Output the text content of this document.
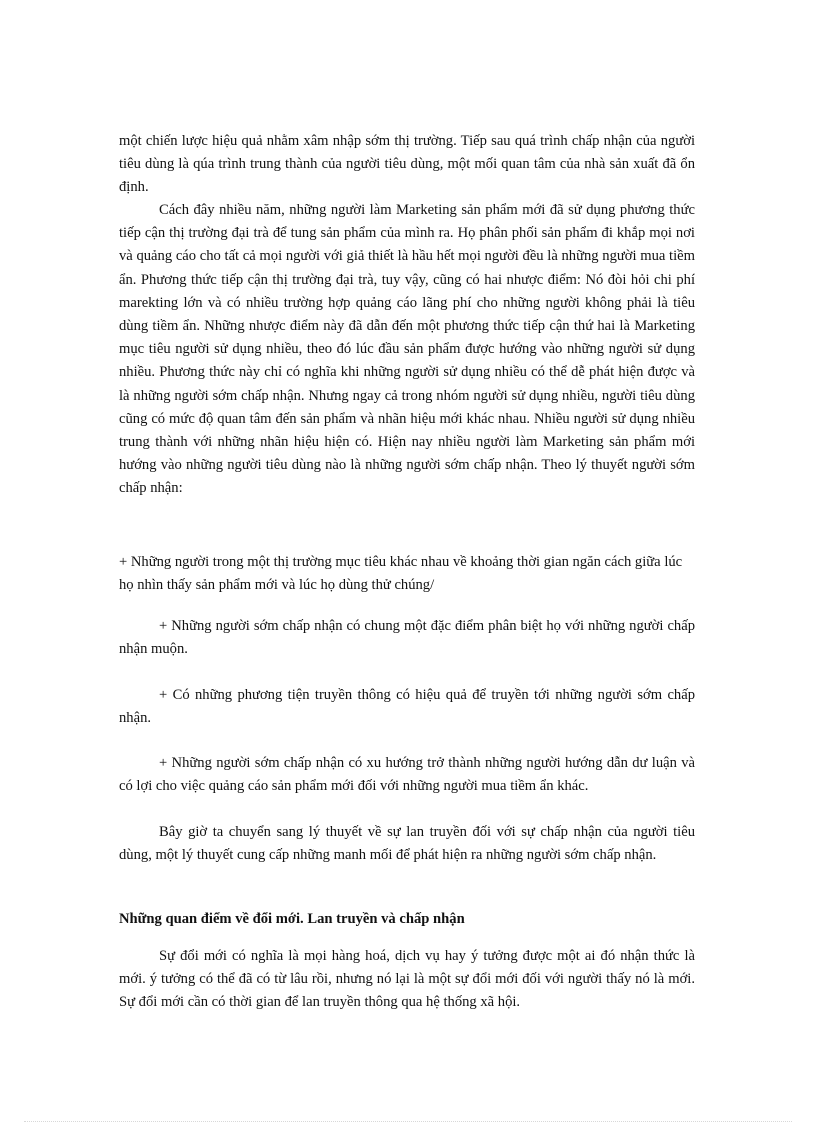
một chiến lược hiệu quả nhằm xâm nhập sớm thị trường. Tiếp sau quá trình chấp nhận của người tiêu dùng là qúa trình trung thành của người tiêu dùng, một mối quan tâm của nhà sản xuất đã ổn định.

Cách đây nhiều năm, những người làm Marketing sản phẩm mới đã sử dụng phương thức tiếp cận thị trường đại trà để tung sản phẩm của mình ra. Họ phân phối sản phẩm đi khắp mọi nơi và quảng cáo cho tất cả mọi người với giả thiết là hầu hết mọi người đều là những người mua tiềm ẩn. Phương thức tiếp cận thị trường đại trà, tuy vậy, cũng có hai nhược điểm: Nó đòi hỏi chi phí marekting lớn và có nhiều trường hợp quảng cáo lãng phí cho những người không phải là tiêu dùng tiềm ẩn. Những nhược điểm này đã dẫn đến một phương thức tiếp cận thứ hai là Marketing mục tiêu người sử dụng nhiều, theo đó lúc đầu sản phẩm được hướng vào những người sử dụng nhiều. Phương thức này chỉ có nghĩa khi những người sử dụng nhiều có thể dễ phát hiện được và là những người sớm chấp nhận. Nhưng ngay cả trong nhóm người sử dụng nhiều, người tiêu dùng cũng có mức độ quan tâm đến sản phẩm và nhãn hiệu mới khác nhau. Nhiều người sử dụng nhiều trung thành với những nhãn hiệu hiện có. Hiện nay nhiều người làm Marketing sản phẩm mới hướng vào những người tiêu dùng nào là những người sớm chấp nhận. Theo lý thuyết người sớm chấp nhận:

+ Những người trong một thị trường mục tiêu khác nhau về khoảng thời gian ngăn cách giữa lúc họ nhìn thấy sản phẩm mới và lúc họ dùng thử chúng/

+ Những người sớm chấp nhận có chung một đặc điểm phân biệt họ với những người chấp nhận muộn.

+ Có những phương tiện truyền thông có hiệu quả để truyền tới những người sớm chấp nhận.

+ Những người sớm chấp nhận có xu hướng trở thành những người hướng dẫn dư luận và có lợi cho việc quảng cáo sản phẩm mới đối với những người mua tiềm ẩn khác.

Bây giờ ta chuyển sang lý thuyết về sự lan truyền đối với sự chấp nhận của người tiêu dùng, một lý thuyết cung cấp những manh mối để phát hiện ra những người sớm chấp nhận.

Những quan điểm về đổi mới. Lan truyền và chấp nhận

Sự đổi mới có nghĩa là mọi hàng hoá, dịch vụ hay ý tưởng được một ai đó nhận thức là mới. ý tưởng có thể đã có từ lâu rồi, nhưng nó lại là một sự đổi mới đối với người thấy nó là mới. Sự đổi mới cần có thời gian để lan truyền thông qua hệ thống xã hội.
